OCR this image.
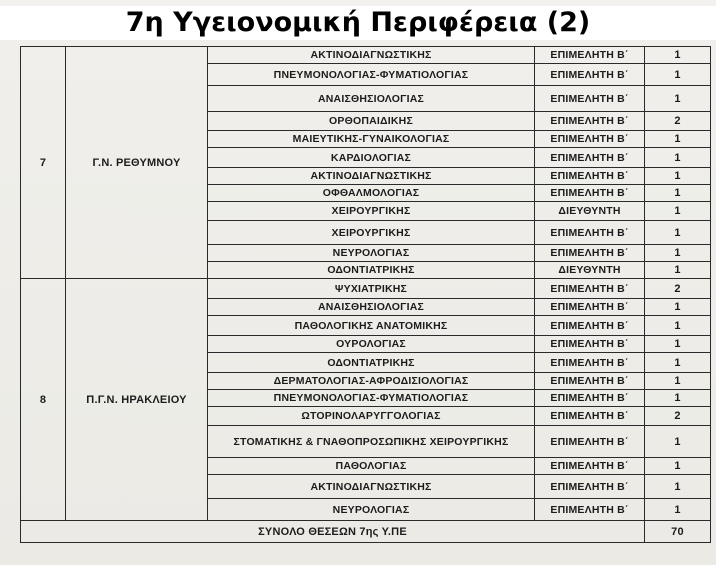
7η Υγειονομική Περιφέρεια (2)
7	Γ.Ν. ΡΕΘΥΜΝΟΥ	ΑΚΤΙΝΟΔΙΑΓΝΩΣΤΙΚΗΣ	ΕΠΙΜΕΛΗΤΗ Β΄	1
		ΠΝΕΥΜΟΝΟΛΟΓΙΑΣ-ΦΥΜΑΤΙΟΛΟΓΙΑΣ	ΕΠΙΜΕΛΗΤΗ Β΄	1
		ΑΝΑΙΣΘΗΣΙΟΛΟΓΙΑΣ	ΕΠΙΜΕΛΗΤΗ Β΄	1
		ΟΡΘΟΠΑΙΔΙΚΗΣ	ΕΠΙΜΕΛΗΤΗ Β΄	2
		ΜΑΙΕΥΤΙΚΗΣ-ΓΥΝΑΙΚΟΛΟΓΙΑΣ	ΕΠΙΜΕΛΗΤΗ Β΄	1
		ΚΑΡΔΙΟΛΟΓΙΑΣ	ΕΠΙΜΕΛΗΤΗ Β΄	1
		ΑΚΤΙΝΟΔΙΑΓΝΩΣΤΙΚΗΣ	ΕΠΙΜΕΛΗΤΗ Β΄	1
		ΟΦΘΑΛΜΟΛΟΓΙΑΣ	ΕΠΙΜΕΛΗΤΗ Β΄	1
		ΧΕΙΡΟΥΡΓΙΚΗΣ	ΔΙΕΥΘΥΝΤΗ	1
		ΧΕΙΡΟΥΡΓΙΚΗΣ	ΕΠΙΜΕΛΗΤΗ Β΄	1
		ΝΕΥΡΟΛΟΓΙΑΣ	ΕΠΙΜΕΛΗΤΗ Β΄	1
		ΟΔΟΝΤΙΑΤΡΙΚΗΣ	ΔΙΕΥΘΥΝΤΗ	1
8	Π.Γ.Ν. ΗΡΑΚΛΕΙΟΥ	ΨΥΧΙΑΤΡΙΚΗΣ	ΕΠΙΜΕΛΗΤΗ Β΄	2
		ΑΝΑΙΣΘΗΣΙΟΛΟΓΙΑΣ	ΕΠΙΜΕΛΗΤΗ Β΄	1
		ΠΑΘΟΛΟΓΙΚΗΣ ΑΝΑΤΟΜΙΚΗΣ	ΕΠΙΜΕΛΗΤΗ Β΄	1
		ΟΥΡΟΛΟΓΙΑΣ	ΕΠΙΜΕΛΗΤΗ Β΄	1
		ΟΔΟΝΤΙΑΤΡΙΚΗΣ	ΕΠΙΜΕΛΗΤΗ Β΄	1
		ΔΕΡΜΑΤΟΛΟΓΙΑΣ-ΑΦΡΟΔΙΣΙΟΛΟΓΙΑΣ	ΕΠΙΜΕΛΗΤΗ Β΄	1
		ΠΝΕΥΜΟΝΟΛΟΓΙΑΣ-ΦΥΜΑΤΙΟΛΟΓΙΑΣ	ΕΠΙΜΕΛΗΤΗ Β΄	1
		ΩΤΟΡΙΝΟΛΑΡΥΓΓΟΛΟΓΙΑΣ	ΕΠΙΜΕΛΗΤΗ Β΄	2
		ΣΤΟΜΑΤΙΚΗΣ & ΓΝΑΘΟΠΡΟΣΩΠΙΚΗΣ ΧΕΙΡΟΥΡΓΙΚΗΣ	ΕΠΙΜΕΛΗΤΗ Β΄	1
		ΠΑΘΟΛΟΓΙΑΣ	ΕΠΙΜΕΛΗΤΗ Β΄	1
		ΑΚΤΙΝΟΔΙΑΓΝΩΣΤΙΚΗΣ	ΕΠΙΜΕΛΗΤΗ Β΄	1
		ΝΕΥΡΟΛΟΓΙΑΣ	ΕΠΙΜΕΛΗΤΗ Β΄	1
ΣΥΝΟΛΟ ΘΕΣΕΩΝ 7ης Υ.ΠΕ				70
